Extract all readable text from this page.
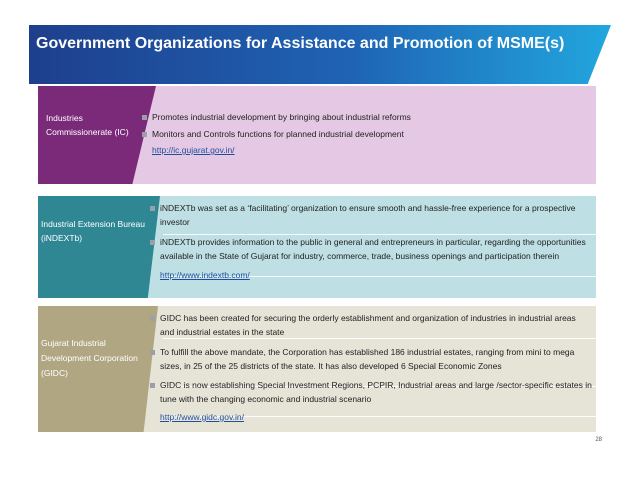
Government Organizations for Assistance and Promotion of MSME(s)
Industries Commissionerate (IC)
Promotes industrial development by bringing about industrial reforms
Monitors and Controls functions for planned industrial development
http://ic.gujarat.gov.in/
Industrial Extension Bureau (iNDEXTb)
iNDEXTb was set as a ‘facilitating’ organization to ensure smooth and hassle-free experience for a prospective investor
iNDEXTb provides information to the public in general and entrepreneurs in particular, regarding the opportunities available in the State of Gujarat for industry, commerce, trade, business openings and participation therein
http://www.indextb.com/
Gujarat Industrial Development Corporation (GIDC)
GIDC has been created for securing the orderly establishment and organization of industries in industrial areas and industrial estates in the state
To fulfill the above mandate, the Corporation has established 186 industrial estates, ranging from mini to mega sizes, in 25 of the 25 districts of the state. It has also developed 6 Special Economic Zones
GIDC is now establishing Special Investment Regions, PCPIR, Industrial areas and large /sector-specific estates in tune with the changing economic and industrial scenario
http://www.gidc.gov.in/
28
